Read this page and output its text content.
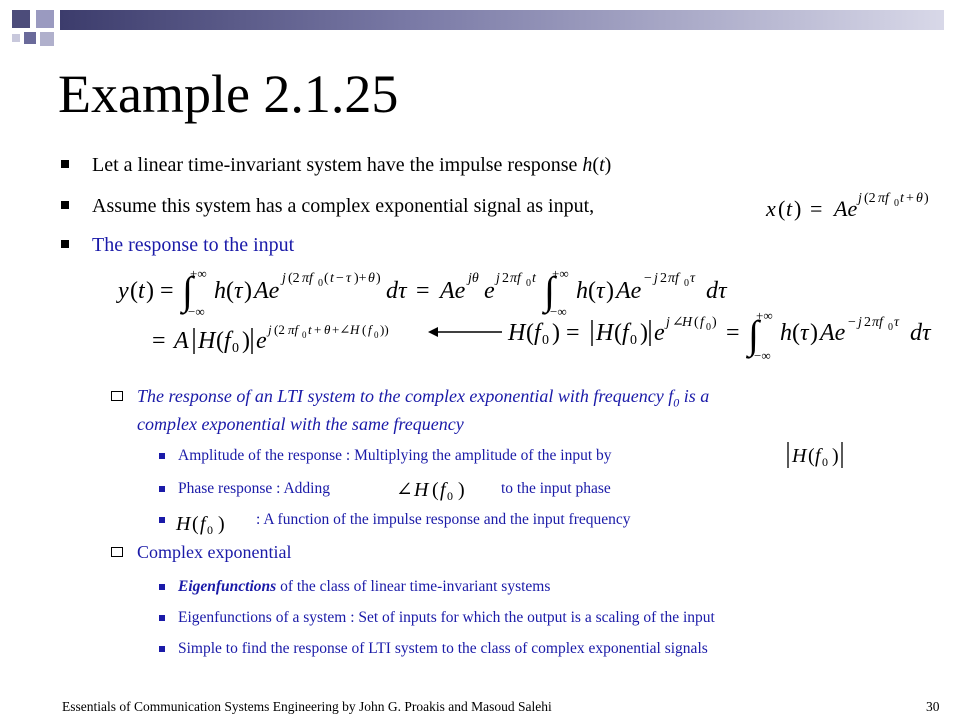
Example 2.1.25
Let a linear time-invariant system have the impulse response h(t)
Assume this system has a complex exponential signal as input,	x ( t ) = Ae j (2 πf 0 t + θ )
The response to the input
y ( t ) = ∫
+∞
−∞
h ( τ ) Ae j (2 πf 0 ( t − τ )+ θ ) dτ = Ae jθ e j 2 πf 0 t ∫
+∞
−∞
h ( τ ) Ae − j 2 πf 0 τ dτ
= A H ( f 0 ) e j (2 πf 0 t + θ +∠ H ( f 0 ))	H ( f 0 ) = H ( f 0 ) e j ∠
H ( f 0 ) = ∫
+∞
−∞
h ( τ ) Ae − j 2 πf 0 τ dτ
The response of an LTI system to the complex exponential with frequency $f_0$ is a
complex exponential with the same frequency
Amplitude of the response : Multiplying the amplitude of the input by	H ( f 0 )
Phase response : Adding	∠ H ( f 0 ) to the input phase
H ( f 0 ) : A function of the impulse response and the input frequency
Complex exponential
Eigenfunctions of the class of linear time-invariant systems
Eigenfunctions of a system : Set of inputs for which the output is a scaling of the input
Simple to find the response of LTI system to the class of complex exponential signals
Essentials of Communication Systems Engineering by John G. Proakis and Masoud Salehi	30
